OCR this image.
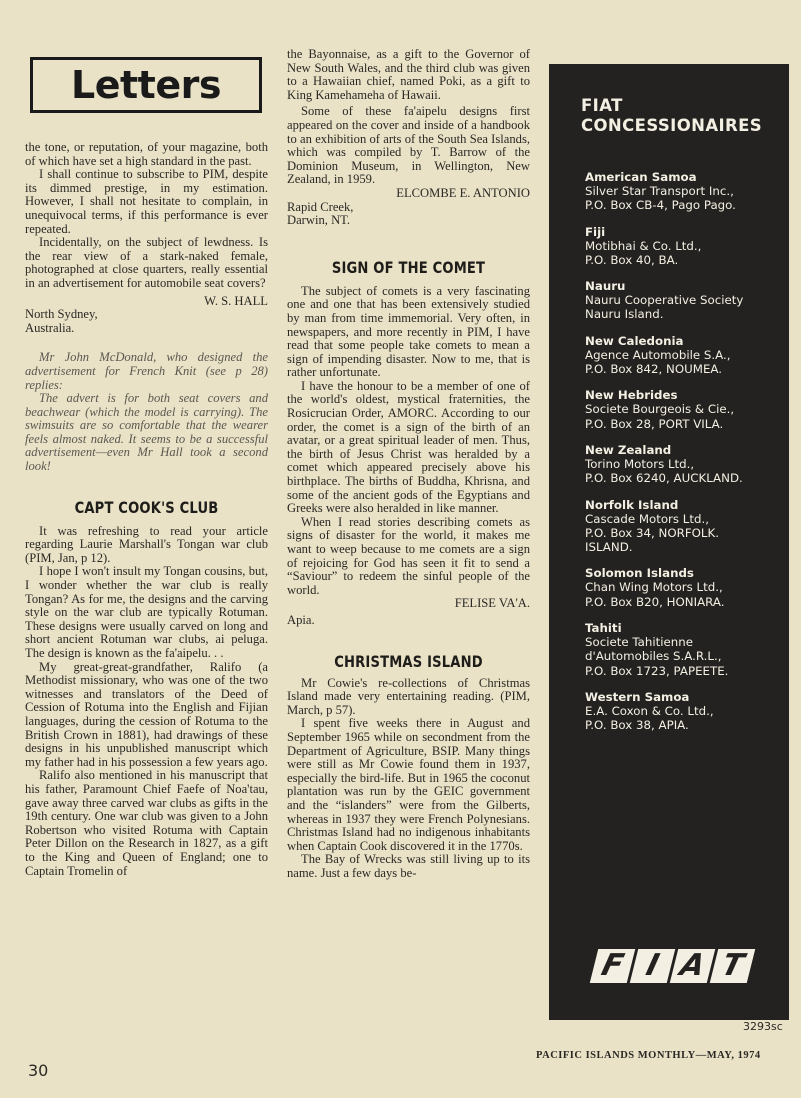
Letters

the tone, or reputation, of your magazine, both of which have set a high standard in the past.

I shall continue to subscribe to PIM, despite its dimmed prestige, in my estimation. However, I shall not hesitate to complain, in unequivocal terms, if this performance is ever repeated.

Incidentally, on the subject of lewdness. Is the rear view of a stark-naked female, photographed at close quarters, really essential in an advertisement for automobile seat covers?

W. S. HALL

North Sydney,

Australia.

Mr John McDonald, who designed the advertisement for French Knit (see p 28) replies:

The advert is for both seat covers and beachwear (which the model is carrying). The swimsuits are so comfortable that the wearer feels almost naked. It seems to be a successful advertisement—even Mr Hall took a second look!

CAPT COOK'S CLUB

It was refreshing to read your article regarding Laurie Marshall's Tongan war club (PIM, Jan, p 12).

I hope I won't insult my Tongan cousins, but, I wonder whether the war club is really Tongan? As for me, the designs and the carving style on the war club are typically Rotuman. These designs were usually carved on long and short ancient Rotuman war clubs, ai peluga. The design is known as the fa'aipelu. . .

My great-great-grandfather, Ralifo (a Methodist missionary, who was one of the two witnesses and translators of the Deed of Cession of Rotuma into the English and Fijian languages, during the cession of Rotuma to the British Crown in 1881), had drawings of these designs in his unpublished manuscript which my father had in his possession a few years ago.

Ralifo also mentioned in his manuscript that his father, Paramount Chief Faefe of Noa'tau, gave away three carved war clubs as gifts in the 19th century. One war club was given to a John Robertson who visited Rotuma with Captain Peter Dillon on the Research in 1827, as a gift to the King and Queen of England; one to Captain Tromelin of

the Bayonnaise, as a gift to the Governor of New South Wales, and the third club was given to a Hawaiian chief, named Poki, as a gift to King Kamehameha of Hawaii.

Some of these fa'aipelu designs first appeared on the cover and inside of a handbook to an exhibition of arts of the South Sea Islands, which was compiled by T. Barrow of the Dominion Museum, in Wellington, New Zealand, in 1959.

ELCOMBE E. ANTONIO

Rapid Creek,

Darwin, NT.

SIGN OF THE COMET

The subject of comets is a very fascinating one and one that has been extensively studied by man from time immemorial. Very often, in newspapers, and more recently in PIM, I have read that some people take comets to mean a sign of impending disaster. Now to me, that is rather unfortunate.

I have the honour to be a member of one of the world's oldest, mystical fraternities, the Rosicrucian Order, AMORC. According to our order, the comet is a sign of the birth of an avatar, or a great spiritual leader of men. Thus, the birth of Jesus Christ was heralded by a comet which appeared precisely above his birthplace. The births of Buddha, Khrisna, and some of the ancient gods of the Egyptians and Greeks were also heralded in like manner.

When I read stories describing comets as signs of disaster for the world, it makes me want to weep because to me comets are a sign of rejoicing for God has seen it fit to send a “Saviour” to redeem the sinful people of the world.

FELISE VA'A.

Apia.

CHRISTMAS ISLAND

Mr Cowie's re-collections of Christmas Island made very entertaining reading. (PIM, March, p 57).

I spent five weeks there in August and September 1965 while on secondment from the Department of Agriculture, BSIP. Many things were still as Mr Cowie found them in 1937, especially the bird-life. But in 1965 the coconut plantation was run by the GEIC government and the “islanders” were from the Gilberts, whereas in 1937 they were French Polynesians. Christmas Island had no indigenous inhabitants when Captain Cook discovered it in the 1770s.

The Bay of Wrecks was still living up to its name. Just a few days be-

FIAT
CONCESSIONAIRES
American Samoa
Silver Star Transport Inc.,
P.O. Box CB-4, Pago Pago.
Fiji
Motibhai & Co. Ltd.,
P.O. Box 40, BA.
Nauru
Nauru Cooperative Society
Nauru Island.
New Caledonia
Agence Automobile S.A.,
P.O. Box 842, NOUMEA.
New Hebrides
Societe Bourgeois & Cie.,
P.O. Box 28, PORT VILA.
New Zealand
Torino Motors Ltd.,
P.O. Box 6240, AUCKLAND.
Norfolk Island
Cascade Motors Ltd.,
P.O. Box 34, NORFOLK.
ISLAND.
Solomon Islands
Chan Wing Motors Ltd.,
P.O. Box B20, HONIARA.
Tahiti
Societe Tahitienne
d'Automobiles S.A.R.L.,
P.O. Box 1723, PAPEETE.
Western Samoa
E.A. Coxon & Co. Ltd.,
P.O. Box 38, APIA.
F I A T
3293sc
30
PACIFIC ISLANDS MONTHLY—MAY, 1974
